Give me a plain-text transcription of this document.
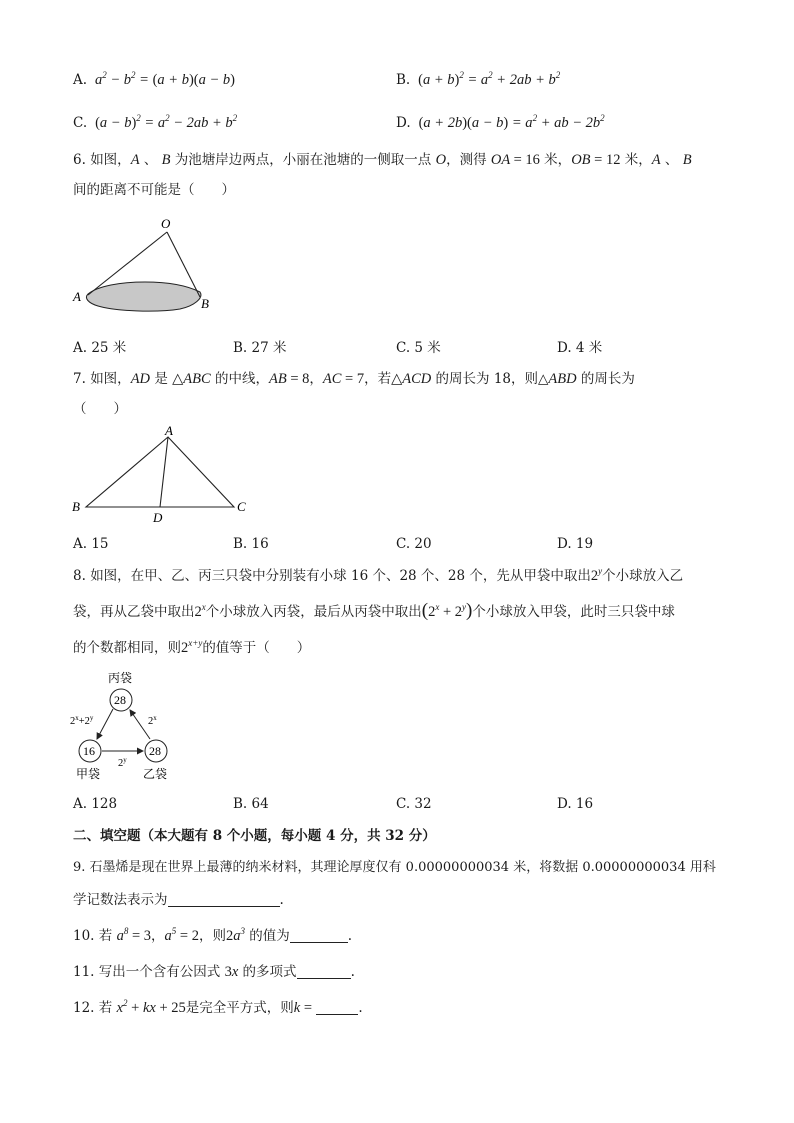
A.  $a^2 - b^2 = (a + b)(a - b)$	B. $(a + b)^2 = a^2 + 2ab + b^2$
C. $(a - b)^2 = a^2 - 2ab + b^2$	D. $(a + 2b)(a - b) = a^2$ + ab − $2b^2$
6. 如图，A 、 B 为池塘岸边两点，小丽在池塘的一侧取一点 O，测得 OA = 16 米，OB = 12 米，A 、 B
间的距离不可能是（　　）
O
A	B
A. 25 米	B. 27 米	C. 5 米	D. 4 米
7. 如图，AD 是 △ABC 的中线，AB = 8，AC = 7，若△ACD 的周长为 18，则△ABD 的周长为
（　　）
A
B	C
D
A. 15	B. 16	C. 20	D. 19
8. 如图，在甲、乙、丙三只袋中分别装有小球 16 个、28 个、28 个，先从甲袋中取出2$^y$个小球放入乙
袋，再从乙袋中取出2$^x$个小球放入丙袋，最后从丙袋中取出$(2^x + 2^y)$个小球放入甲袋，此时三只袋中球
的个数都相同，则$2^{x+y}$的值等于（　　）
丙袋
28
16
甲袋
28
乙袋
$2^x+2^y$	2$^x$
2$^y$
A. 128	B. 64	C. 32	D. 16
二、填空题（本大题有 8 个小题，每小题 4 分，共 32 分）
9. 石墨烯是现在世界上最薄的纳米材料，其理论厚度仅有 0.00000000034 米，将数据 0.00000000034 用科
学记数法表示为	.
10. 若 $a^8 = 3$，$a^5 = 2$，则$2a^3$ 的值为	.
11. 写出一个含有公因式 3x 的多项式	.
12. 若 $x^2$ + kx + 25是完全平方式，则k =	.
